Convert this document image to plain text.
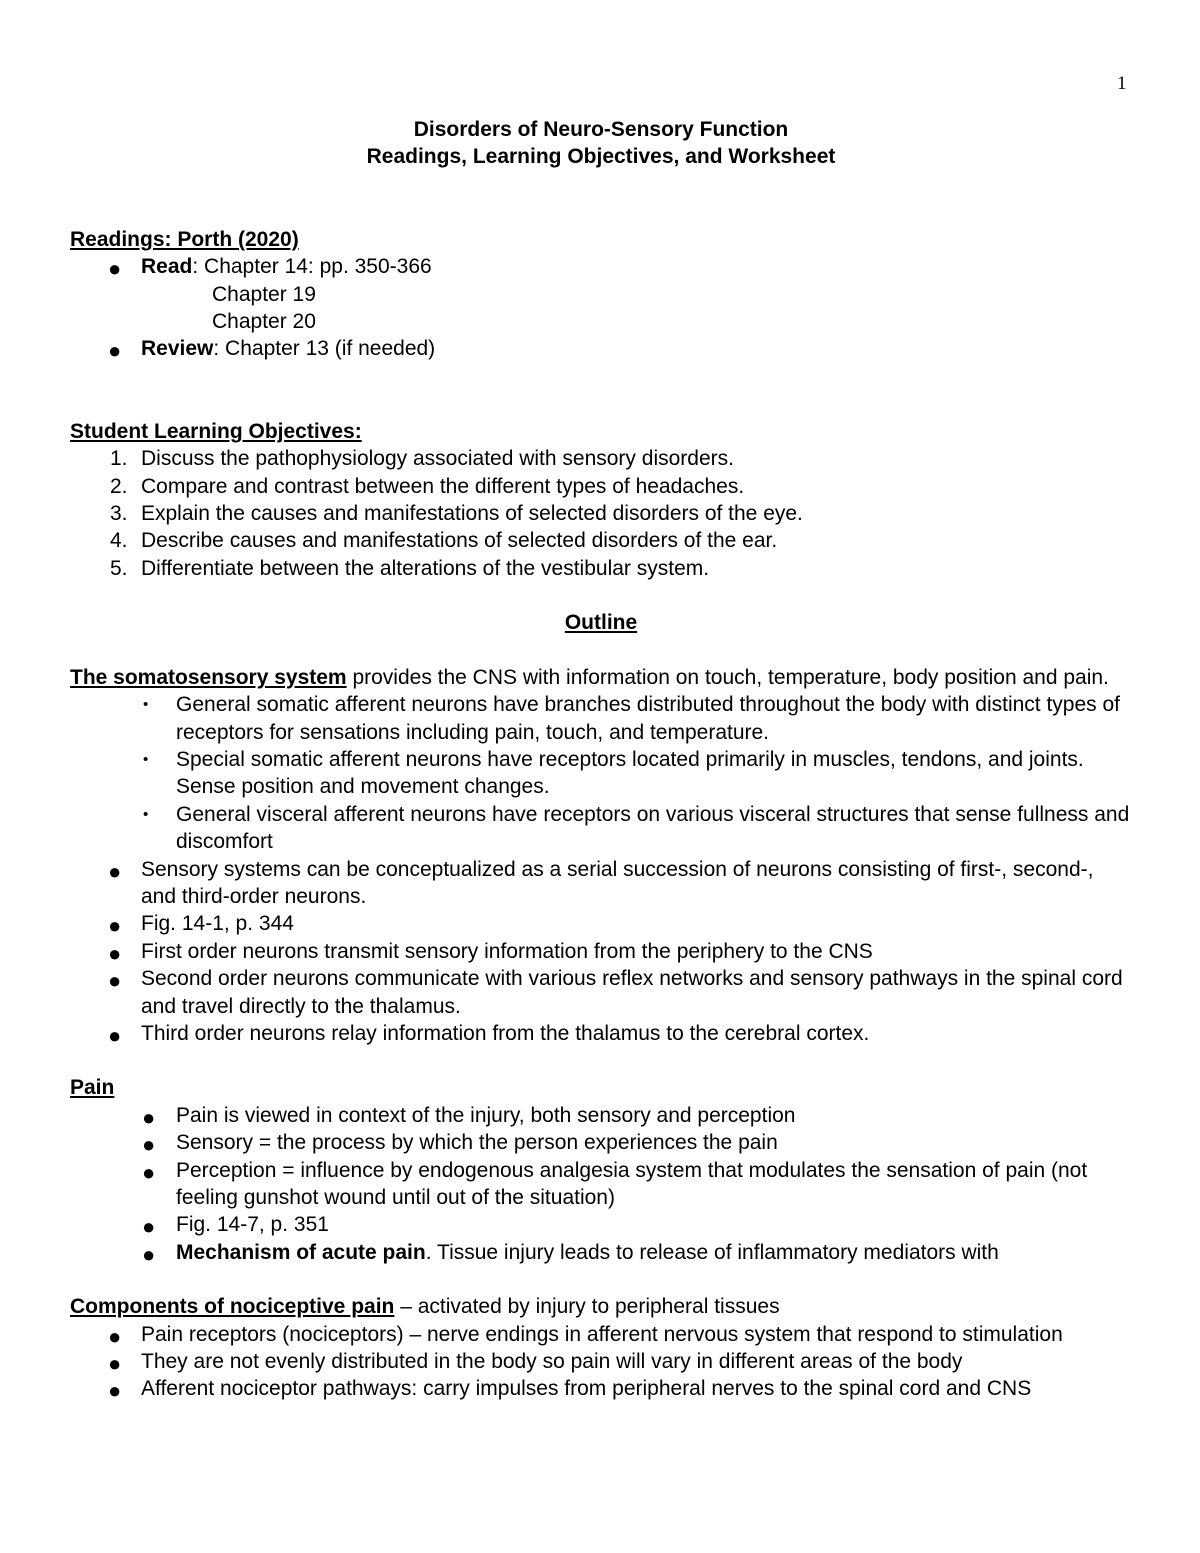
1
Disorders of Neuro-Sensory Function
Readings, Learning Objectives, and Worksheet
Readings: Porth (2020)
● Read: Chapter 14: pp. 350-366
Chapter 19
Chapter 20
● Review: Chapter 13 (if needed)
Student Learning Objectives:
1. Discuss the pathophysiology associated with sensory disorders.
2. Compare and contrast between the different types of headaches.
3. Explain the causes and manifestations of selected disorders of the eye.
4. Describe causes and manifestations of selected disorders of the ear.
5. Differentiate between the alterations of the vestibular system.
Outline
The somatosensory system provides the CNS with information on touch, temperature, body position and pain.
• General somatic afferent neurons have branches distributed throughout the body with distinct types of receptors for sensations including pain, touch, and temperature.
• Special somatic afferent neurons have receptors located primarily in muscles, tendons, and joints. Sense position and movement changes.
• General visceral afferent neurons have receptors on various visceral structures that sense fullness and discomfort
● Sensory systems can be conceptualized as a serial succession of neurons consisting of first-, second-, and third-order neurons.
● Fig. 14-1, p. 344
● First order neurons transmit sensory information from the periphery to the CNS
● Second order neurons communicate with various reflex networks and sensory pathways in the spinal cord and travel directly to the thalamus.
● Third order neurons relay information from the thalamus to the cerebral cortex.
Pain
● Pain is viewed in context of the injury, both sensory and perception
● Sensory = the process by which the person experiences the pain
● Perception = influence by endogenous analgesia system that modulates the sensation of pain (not feeling gunshot wound until out of the situation)
● Fig. 14-7, p. 351
● Mechanism of acute pain. Tissue injury leads to release of inflammatory mediators with
Components of nociceptive pain – activated by injury to peripheral tissues
● Pain receptors (nociceptors) – nerve endings in afferent nervous system that respond to stimulation
● They are not evenly distributed in the body so pain will vary in different areas of the body
● Afferent nociceptor pathways: carry impulses from peripheral nerves to the spinal cord and CNS
